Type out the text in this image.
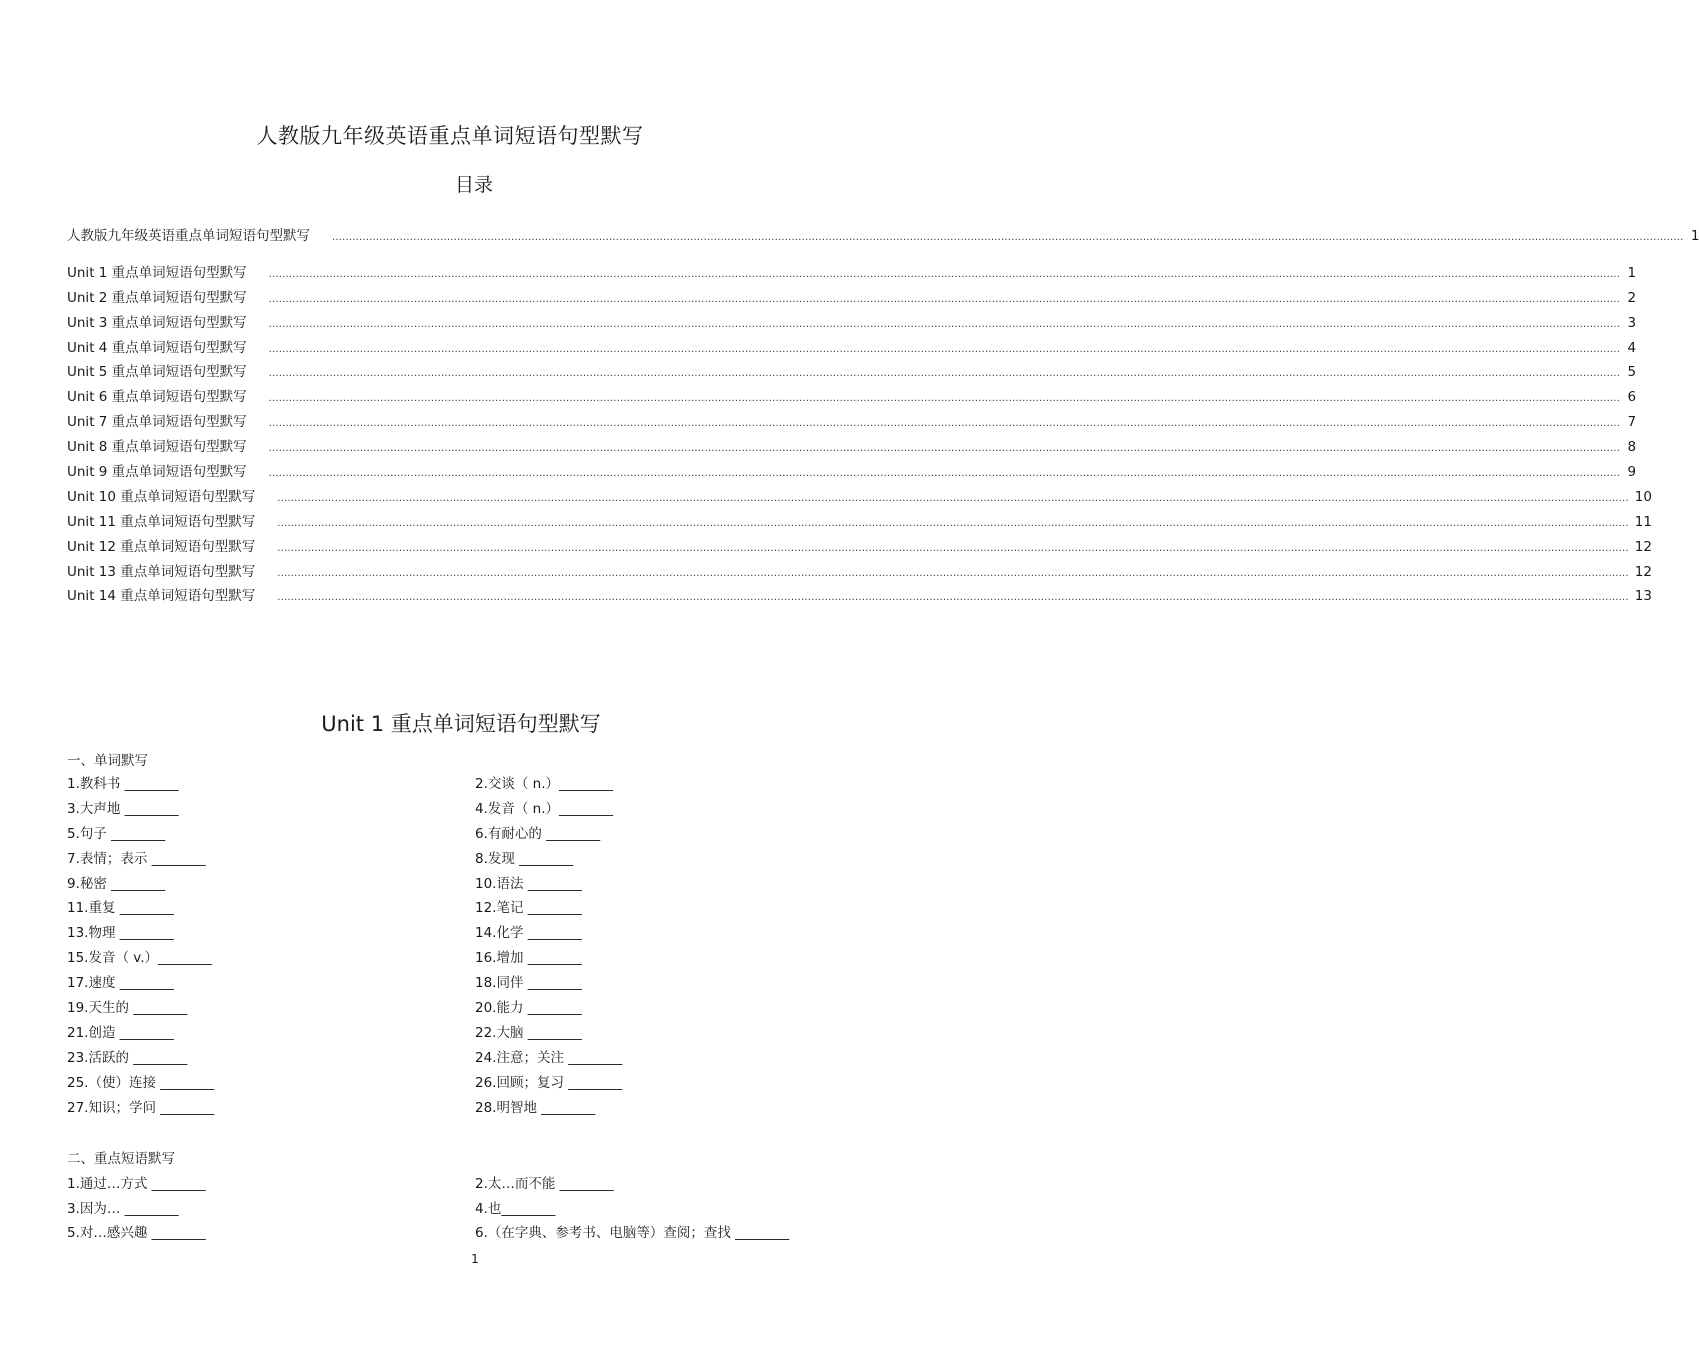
人教版九年级英语重点单词短语句型默写
目录
人教版九年级英语重点单词短语句型默写 ................................................................................................................................................................................................................................................................................................................................................................................................................ 1
Unit 1 重点单词短语句型默写 ................................................................................................................................................................................................................................................................................................................................................................................................................ 1
Unit 2 重点单词短语句型默写 ................................................................................................................................................................................................................................................................................................................................................................................................................ 2
Unit 3 重点单词短语句型默写 ................................................................................................................................................................................................................................................................................................................................................................................................................ 3
Unit 4 重点单词短语句型默写 ................................................................................................................................................................................................................................................................................................................................................................................................................ 4
Unit 5 重点单词短语句型默写 ................................................................................................................................................................................................................................................................................................................................................................................................................ 5
Unit 6 重点单词短语句型默写 ................................................................................................................................................................................................................................................................................................................................................................................................................ 6
Unit 7 重点单词短语句型默写 ................................................................................................................................................................................................................................................................................................................................................................................................................ 7
Unit 8 重点单词短语句型默写 ................................................................................................................................................................................................................................................................................................................................................................................................................ 8
Unit 9 重点单词短语句型默写 ................................................................................................................................................................................................................................................................................................................................................................................................................ 9
Unit 10 重点单词短语句型默写 ................................................................................................................................................................................................................................................................................................................................................................................................................ 10
Unit 11 重点单词短语句型默写 ................................................................................................................................................................................................................................................................................................................................................................................................................ 11
Unit 12 重点单词短语句型默写 ................................................................................................................................................................................................................................................................................................................................................................................................................ 12
Unit 13 重点单词短语句型默写 ................................................................................................................................................................................................................................................................................................................................................................................................................ 12
Unit 14 重点单词短语句型默写 ................................................................................................................................................................................................................................................................................................................................................................................................................ 13
Unit 1 重点单词短语句型默写
一、单词默写
1.教科书 ________	2.交谈（ n.）________
3.大声地 ________	4.发音（ n.）________
5.句子 ________	6.有耐心的 ________
7.表情；表示 ________	8.发现 ________
9.秘密 ________	10.语法 ________
11.重复 ________	12.笔记 ________
13.物理 ________	14.化学 ________
15.发音（ v.）________	16.增加 ________
17.速度 ________	18.同伴 ________
19.天生的 ________	20.能力 ________
21.创造 ________	22.大脑 ________
23.活跃的 ________	24.注意；关注 ________
25.（使）连接 ________	26.回顾；复习 ________
27.知识；学问 ________	28.明智地 ________
二、重点短语默写
1.通过…方式 ________	2.太…而不能 ________
3.因为… ________	4.也________
5.对…感兴趣 ________	6.（在字典、参考书、电脑等）查阅；查找 ________
1
